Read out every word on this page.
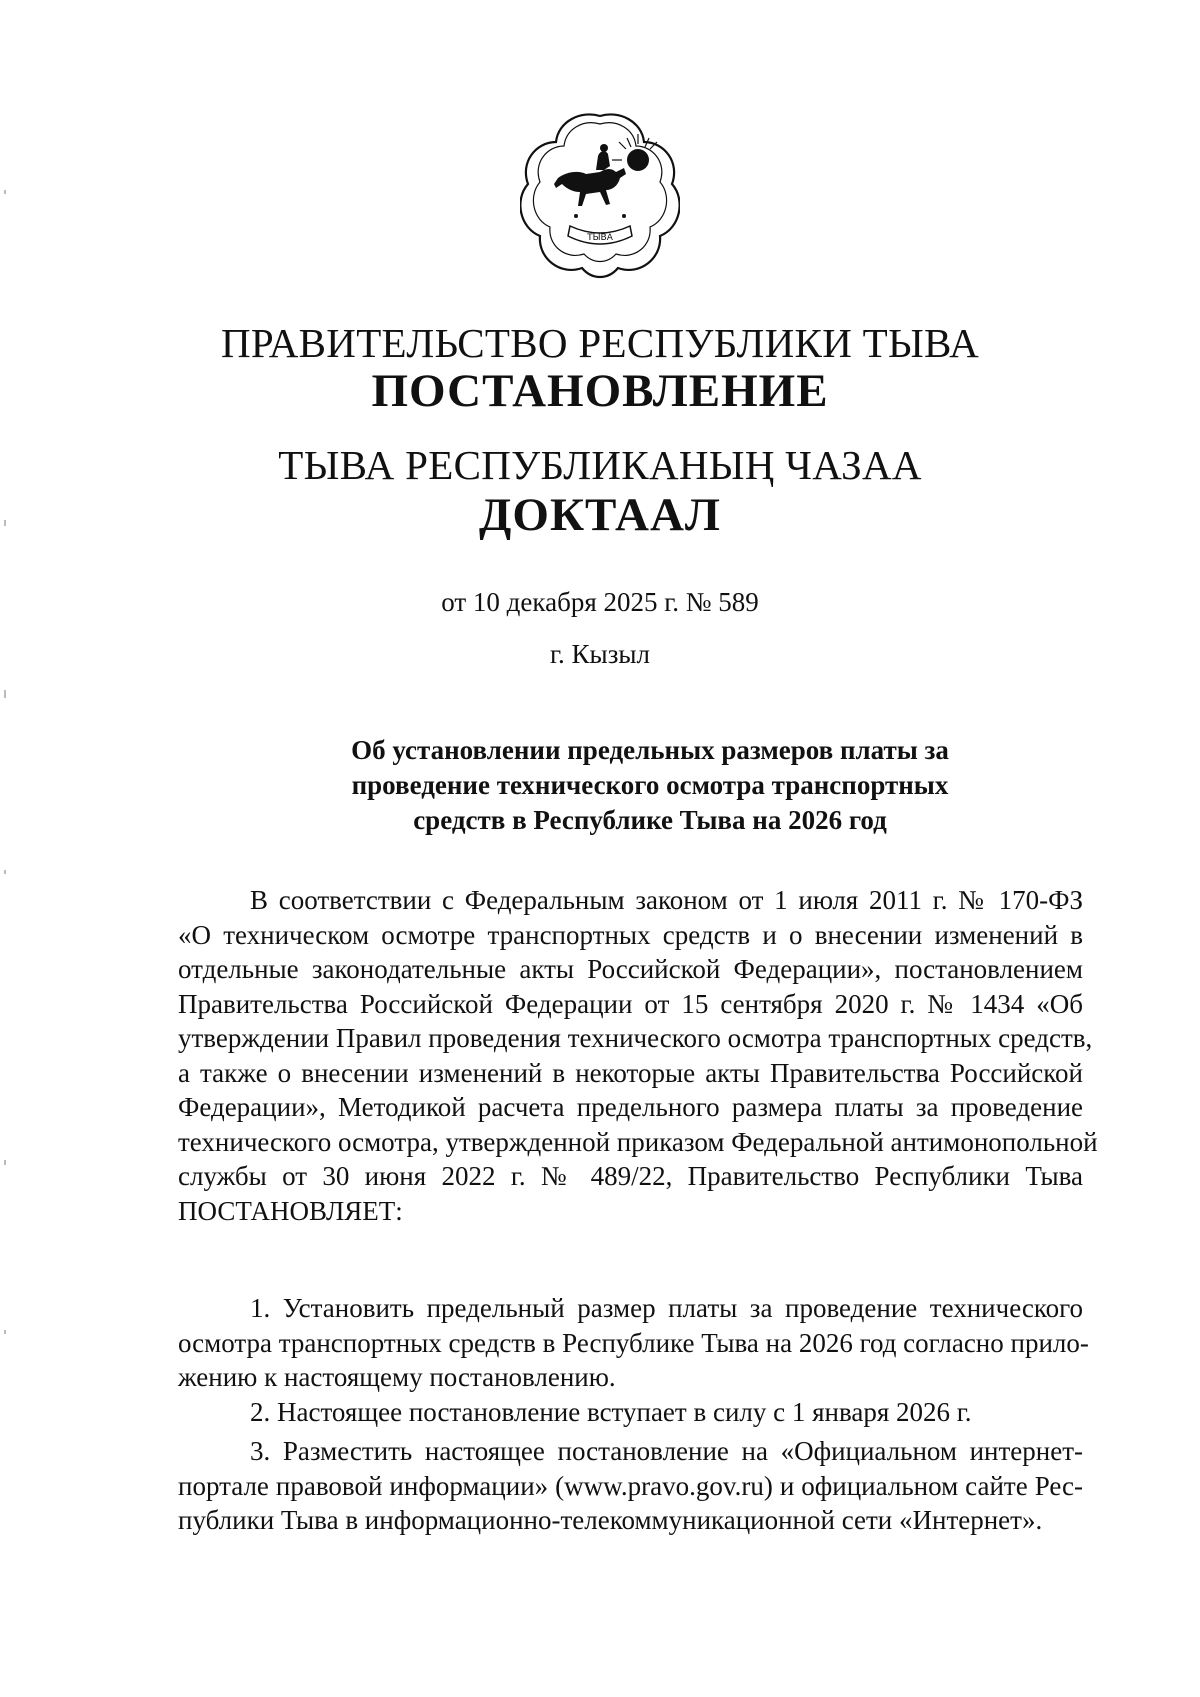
ТЫВА
ПРАВИТЕЛЬСТВО РЕСПУБЛИКИ ТЫВА
ПОСТАНОВЛЕНИЕ
ТЫВА РЕСПУБЛИКАНЫҢ ЧАЗАА
ДОКТААЛ
от 10 декабря 2025 г. № 589
г. Кызыл
Об установлении предельных размеров платы за
проведение технического осмотра транспортных
средств в Республике Тыва на 2026 год
В соответствии с Федеральным законом от 1 июля 2011 г. № 170-ФЗ
«О техническом осмотре транспортных средств и о внесении изменений в
отдельные законодательные акты Российской Федерации», постановлением
Правительства Российской Федерации от 15 сентября 2020 г. № 1434 «Об
утверждении Правил проведения технического осмотра транспортных средств,
а также о внесении изменений в некоторые акты Правительства Российской
Федерации», Методикой расчета предельного размера платы за проведение
технического осмотра, утвержденной приказом Федеральной антимонопольной
службы от 30 июня 2022 г. № 489/22, Правительство Республики Тыва
ПОСТАНОВЛЯЕТ:
1. Установить предельный размер платы за проведение технического
осмотра транспортных средств в Республике Тыва на 2026 год согласно прило-
жению к настоящему постановлению.
2. Настоящее постановление вступает в силу с 1 января 2026 г.
3. Разместить настоящее постановление на «Официальном интернет-
портале правовой информации» (www.pravo.gov.ru) и официальном сайте Рес-
публики Тыва в информационно-телекоммуникационной сети «Интернет».
